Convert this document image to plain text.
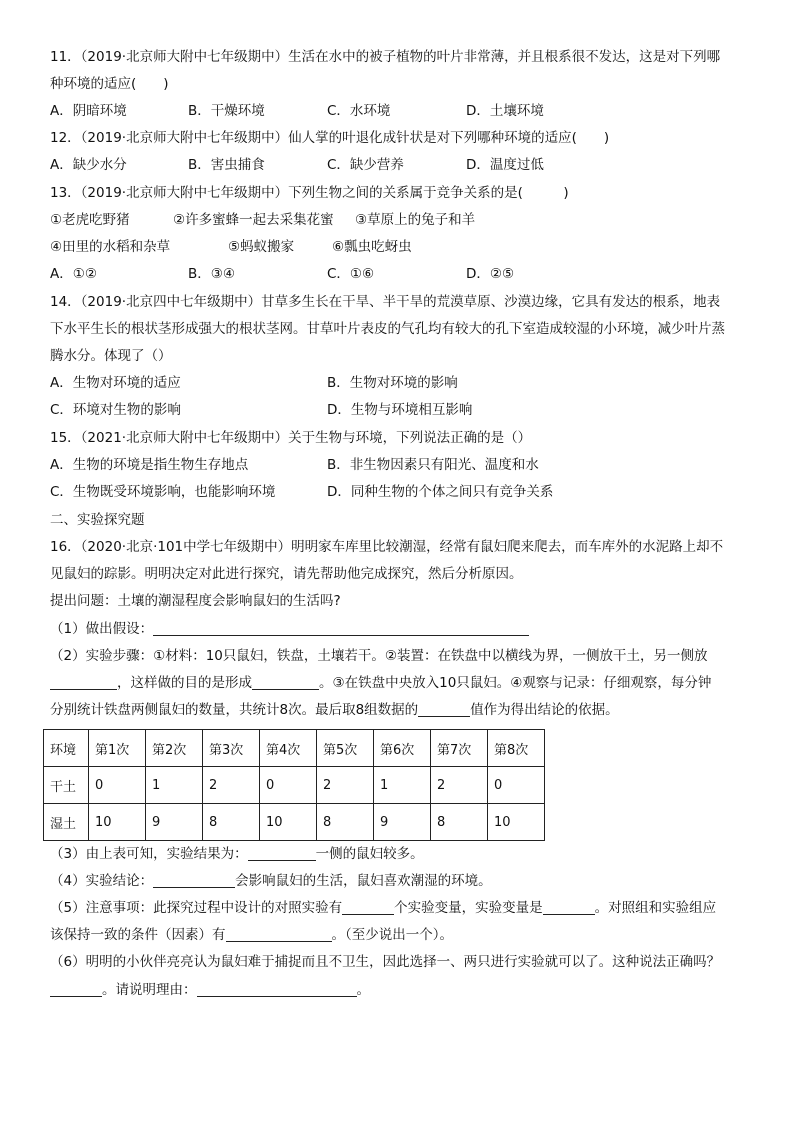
11．（2019·北京师大附中七年级期中）生活在水中的被子植物的叶片非常薄，并且根系很不发达，这是对下列哪
种环境的适应(　　)
A．阴暗环境	B．干燥环境	C．水环境	D．土壤环境
12．（2019·北京师大附中七年级期中）仙人掌的叶退化成针状是对下列哪种环境的适应(　　)
A．缺少水分	B．害虫捕食	C．缺少营养	D．温度过低
13．（2019·北京师大附中七年级期中）下列生物之间的关系属于竞争关系的是(　　　)
①老虎吃野猪	②许多蜜蜂一起去采集花蜜 ③草原上的兔子和羊
④田里的水稻和杂草	⑤蚂蚁搬家	⑥瓢虫吃蚜虫
A．①②	B．③④	C．①⑥	D．②⑤
14．（2019·北京四中七年级期中）甘草多生长在干旱、半干旱的荒漠草原、沙漠边缘，它具有发达的根系，地表
下水平生长的根状茎形成强大的根状茎网。甘草叶片表皮的气孔均有较大的孔下室造成较湿的小环境，减少叶片蒸
腾水分。体现了（）
A．生物对环境的适应	B．生物对环境的影响
C．环境对生物的影响	D．生物与环境相互影响
15．（2021·北京师大附中七年级期中）关于生物与环境，下列说法正确的是（）
A．生物的环境是指生物生存地点	B．非生物因素只有阳光、温度和水
C．生物既受环境影响，也能影响环境	D．同种生物的个体之间只有竞争关系
二、实验探究题
16．（2020·北京·101中学七年级期中）明明家车库里比较潮湿，经常有鼠妇爬来爬去，而车库外的水泥路上却不
见鼠妇的踪影。明明决定对此进行探究，请先帮助他完成探究，然后分析原因。
提出问题：土壤的潮湿程度会影响鼠妇的生活吗?
（1）做出假设：
（2）实验步骤：①材料：10只鼠妇，铁盘，土壤若干。②装置：在铁盘中以横线为界，一侧放干土，另一侧放
，这样做的目的是形成	。③在铁盘中央放入10只鼠妇。④观察与记录：仔细观察，每分钟
分别统计铁盘两侧鼠妇的数量，共统计8次。最后取8组数据的	值作为得出结论的依据。
环境	第1次	第2次	第3次	第4次	第5次	第6次	第7次	第8次
干土	0	1	2	0	2	1	2	0
湿土	10	9	8	10	8	9	8	10
（3）由上表可知，实验结果为：	一侧的鼠妇较多。
（4）实验结论：	会影响鼠妇的生活，鼠妇喜欢潮湿的环境。
（5）注意事项：此探究过程中设计的对照实验有	个实验变量，实验变量是	。对照组和实验组应
该保持一致的条件（因素）有	。（至少说出一个）。
（6）明明的小伙伴亮亮认为鼠妇难于捕捉而且不卫生，因此选择一、两只进行实验就可以了。这种说法正确吗？
。请说明理由：	。
